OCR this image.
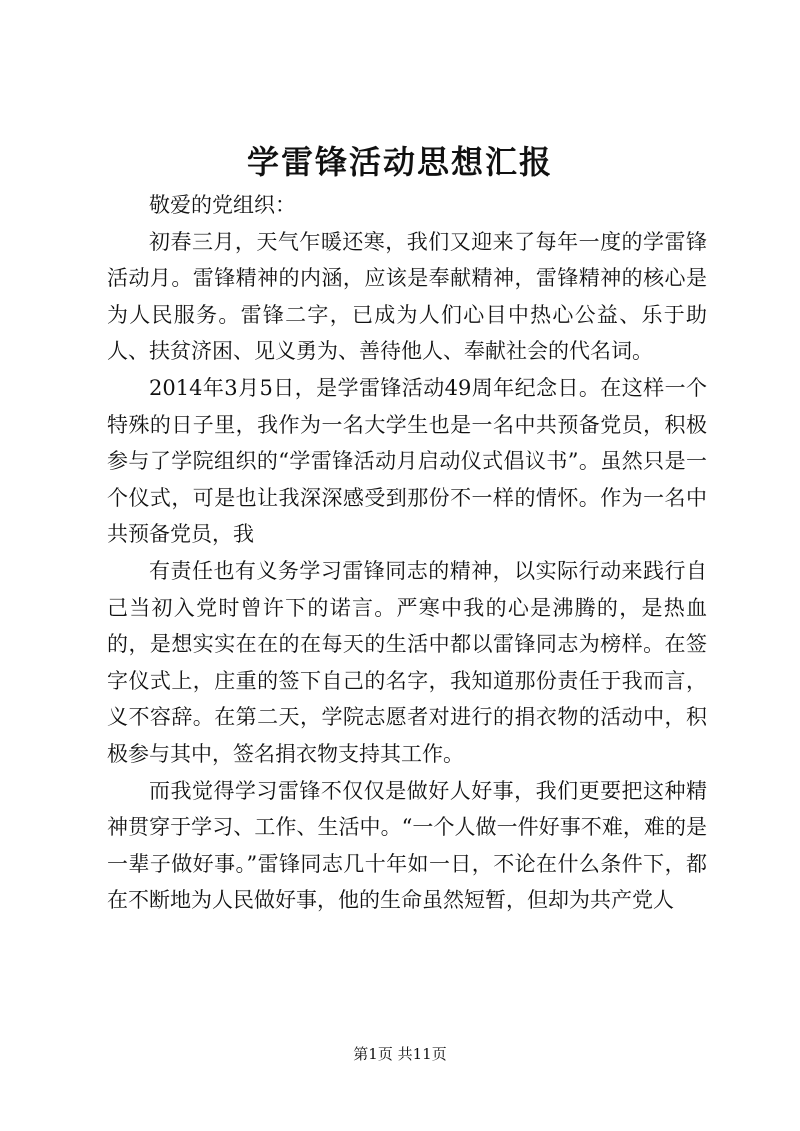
学雷锋活动思想汇报

敬爱的党组织：

初春三月，天气乍暖还寒，我们又迎来了每年一度的学雷锋活动月。雷锋精神的内涵，应该是奉献精神，雷锋精神的核心是为人民服务。雷锋二字，已成为人们心目中热心公益、乐于助人、扶贫济困、见义勇为、善待他人、奉献社会的代名词。

2014年3月5日，是学雷锋活动49周年纪念日。在这样一个特殊的日子里，我作为一名大学生也是一名中共预备党员，积极参与了学院组织的“学雷锋活动月启动仪式倡议书”。虽然只是一个仪式，可是也让我深深感受到那份不一样的情怀。作为一名中共预备党员，我

有责任也有义务学习雷锋同志的精神，以实际行动来践行自己当初入党时曾许下的诺言。严寒中我的心是沸腾的，是热血的，是想实实在在的在每天的生活中都以雷锋同志为榜样。在签字仪式上，庄重的签下自己的名字，我知道那份责任于我而言，义不容辞。在第二天，学院志愿者对进行的捐衣物的活动中，积极参与其中，签名捐衣物支持其工作。

而我觉得学习雷锋不仅仅是做好人好事，我们更要把这种精神贯穿于学习、工作、生活中。“一个人做一件好事不难，难的是一辈子做好事。”雷锋同志几十年如一日，不论在什么条件下，都在不断地为人民做好事，他的生命虽然短暂，但却为共产党人

第1页 共11页
